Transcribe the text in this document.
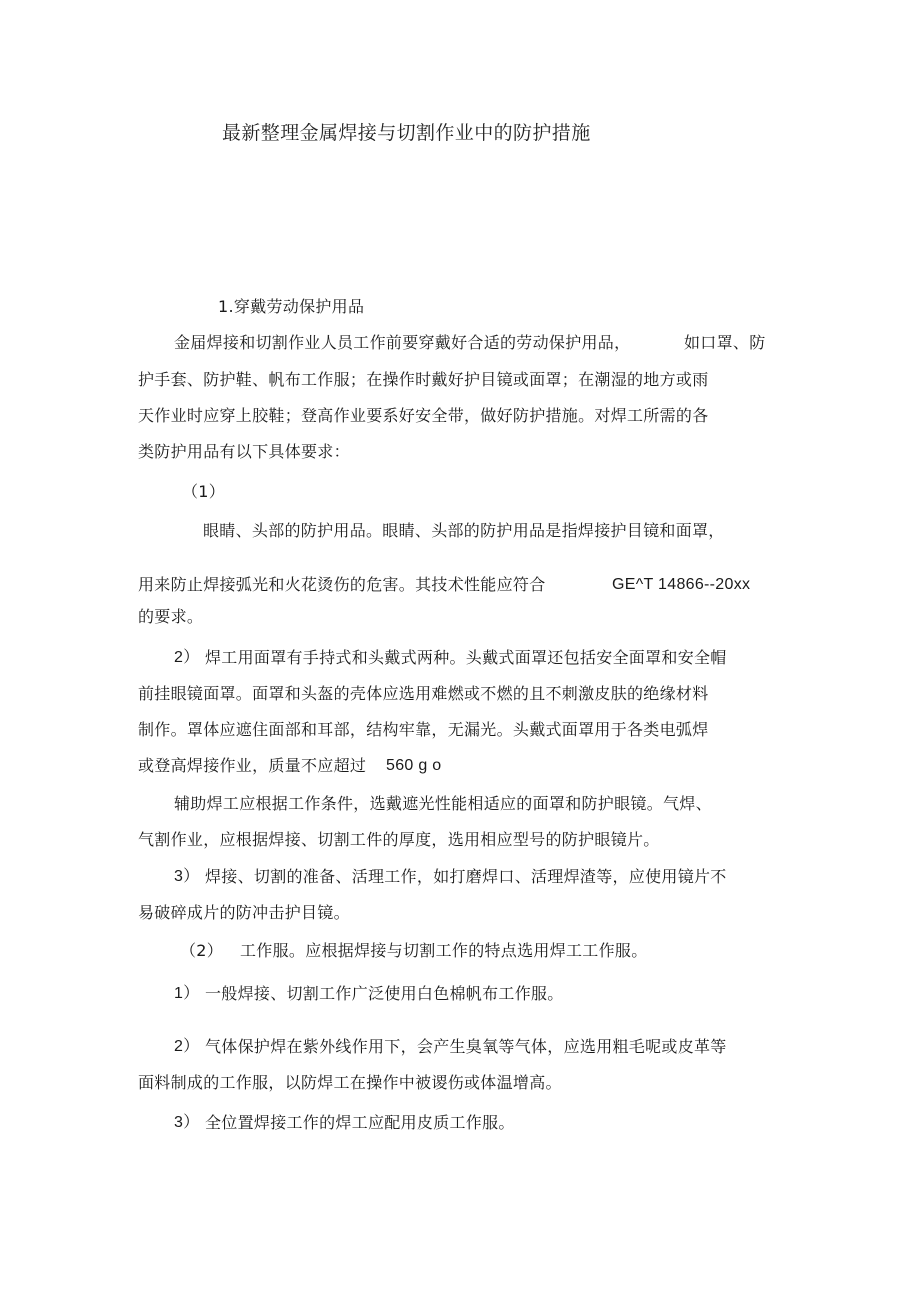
最新整理金属焊接与切割作业中的防护措施
1.穿戴劳动保护用品
金届焊接和切割作业人员工作前要穿戴好合适的劳动保护用品，	如口罩、防
护手套、防护鞋、帆布工作服；在操作时戴好护目镜或面罩；在潮湿的地方或雨
天作业时应穿上胶鞋；登高作业要系好安全带，做好防护措施。对焊工所需的各
类防护用品有以下具体要求：
（1）
眼睛、头部的防护用品。眼睛、头部的防护用品是指焊接护目镜和面罩，
用来防止焊接弧光和火花烫伤的危害。其技术性能应符合	GE^T 14866--20xx
的要求。
2） 焊工用面罩有手持式和头戴式两种。头戴式面罩还包括安全面罩和安全帽
前挂眼镜面罩。面罩和头盔的壳体应选用难燃或不燃的且不刺激皮肤的绝缘材料
制作。罩体应遮住面部和耳部，结构牢靠，无漏光。头戴式面罩用于各类电弧焊
或登高焊接作业，质量不应超过 560 g o
辅助焊工应根据工作条件，选戴遮光性能相适应的面罩和防护眼镜。气焊、
气割作业，应根据焊接、切割工件的厚度，选用相应型号的防护眼镜片。
3） 焊接、切割的准备、活理工作，如打磨焊口、活理焊渣等，应使用镜片不
易破碎成片的防冲击护目镜。
（2） 工作服。应根据焊接与切割工作的特点选用焊工工作服。
1） 一般焊接、切割工作广泛使用白色棉帆布工作服。
2） 气体保护焊在紫外线作用下，会产生臭氧等气体，应选用粗毛呢或皮革等
面料制成的工作服，以防焊工在操作中被谡伤或体温增高。
3） 全位置焊接工作的焊工应配用皮质工作服。
